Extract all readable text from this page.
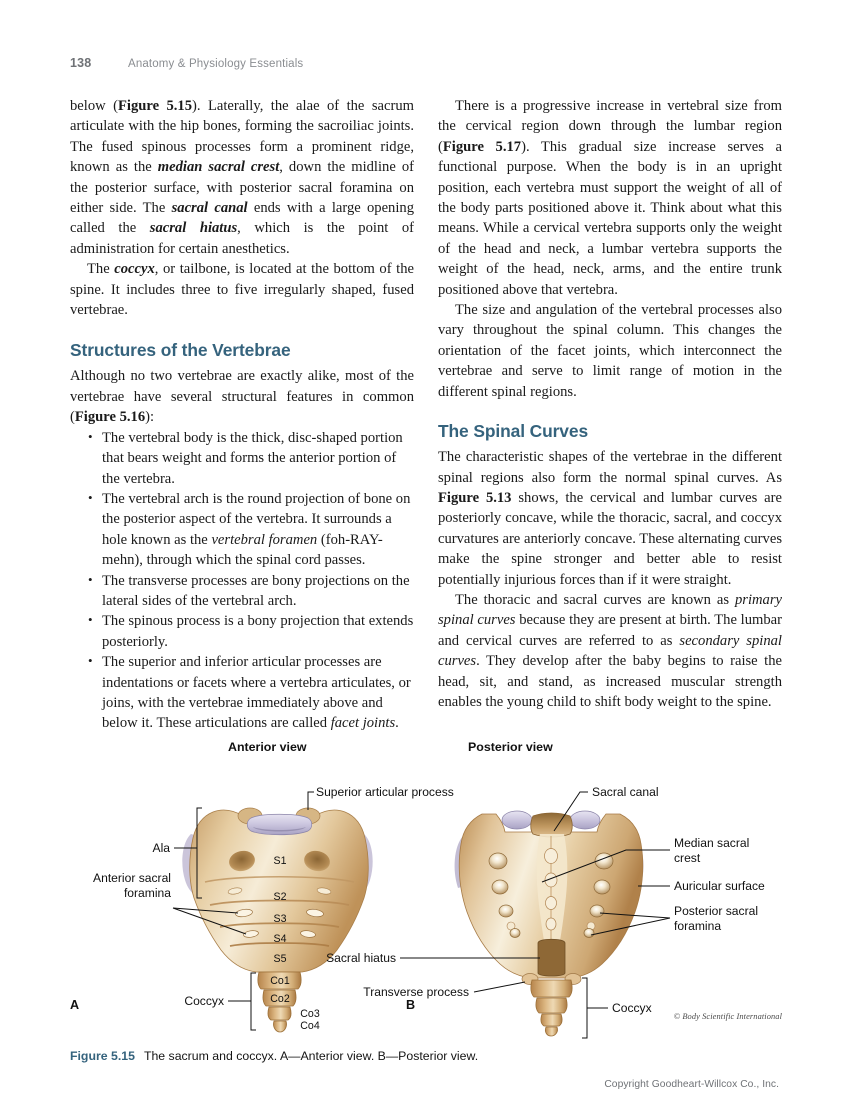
138	Anatomy & Physiology Essentials

below (Figure 5.15). Laterally, the alae of the sacrum articulate with the hip bones, forming the sacroiliac joints. The fused spinous processes form a prominent ridge, known as the median sacral crest, down the midline of the posterior surface, with posterior sacral foramina on either side. The sacral canal ends with a large opening called the sacral hiatus, which is the point of administration for certain anesthetics.

The coccyx, or tailbone, is located at the bottom of the spine. It includes three to five irregularly shaped, fused vertebrae.

Structures of the Vertebrae

Although no two vertebrae are exactly alike, most of the vertebrae have several structural features in common (Figure 5.16):

• The vertebral body is the thick, disc-shaped portion that bears weight and forms the anterior portion of the vertebra.
• The vertebral arch is the round projection of bone on the posterior aspect of the vertebra. It surrounds a hole known as the vertebral foramen (foh-RAY-mehn), through which the spinal cord passes.
• The transverse processes are bony projections on the lateral sides of the vertebral arch.
• The spinous process is a bony projection that extends posteriorly.
• The superior and inferior articular processes are indentations or facets where a vertebra articulates, or joins, with the vertebrae immediately above and below it. These articulations are called facet joints.

There is a progressive increase in vertebral size from the cervical region down through the lumbar region (Figure 5.17). This gradual size increase serves a functional purpose. When the body is in an upright position, each vertebra must support the weight of all of the body parts positioned above it. Think about what this means. While a cervical vertebra supports only the weight of the head and neck, a lumbar vertebra supports the weight of the head, neck, arms, and the entire trunk positioned above that vertebra.

The size and angulation of the vertebral processes also vary throughout the spinal column. This changes the orientation of the facet joints, which interconnect the vertebrae and serve to limit range of motion in the different spinal regions.

The Spinal Curves

The characteristic shapes of the vertebrae in the different spinal regions also form the normal spinal curves. As Figure 5.13 shows, the cervical and lumbar curves are posteriorly concave, while the thoracic, sacral, and coccyx curvatures are anteriorly concave. These alternating curves make the spine stronger and better able to resist potentially injurious forces than if it were straight.

The thoracic and sacral curves are known as primary spinal curves because they are present at birth. The lumbar and cervical curves are referred to as secondary spinal curves. They develop after the baby begins to raise the head, sit, and stand, as increased muscular strength enables the young child to shift body weight to the spine.

Anterior view	Posterior view
S1
S2
S3
S4
S5
Co1
Co2
Co3
Co4
Superior articular process
Ala
Anterior sacral
foramina
Coccyx
Sacral canal
Median sacral
crest
Auricular surface
Posterior sacral
foramina
Sacral hiatus
Transverse process
Coccyx
A	B
© Body Scientific International
Figure 5.15 The sacrum and coccyx. A—Anterior view. B—Posterior view.
Copyright Goodheart-Willcox Co., Inc.
